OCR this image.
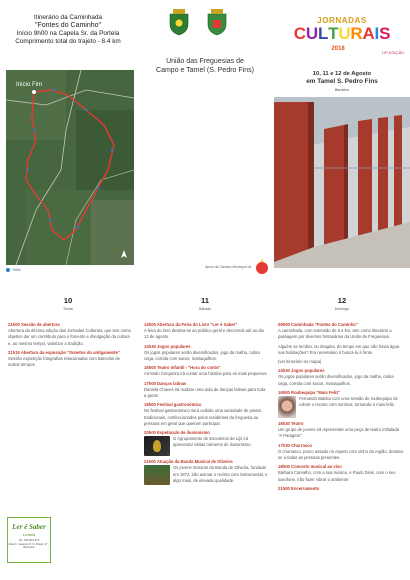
Itinerário da Caminhada
"Fontes do Caminho"
Início 9h00 na Capela Sr. da Portela
Comprimento total do trajeto - 8.4 km
Início Fim
Trilho
União das Freguesias de
Campo e Tamel (S. Pedro Fins)
Apoio da Câmara Municipal de
JORNADAS
CULTURAIS
2018
10ª EDIÇÃO
10, 11 e 12 de Agosto
em Tamel S. Pedro Fins
Barcelos
10
Sexta
11
Sábado
12
Domingo
21h00 Sessão de abertura
Abertura da décima edição das Jornadas Culturais, que tem como objetivo dar um contributo para o fomento e divulgação da cultura e, ao mesmo tempo, valorizar a tradição.
21h15 Abertura da exposição "Sonetos do antigamente"
Sessão exposição fotografias relacionadas com Barcelos de outros tempos.
14h00 Abertura da Feira do Livro "Ler é Saber"
A feira do livro destina-se ao público geral e decorrerá até ao dia 12 de agosto.
14h30 Jogos populares
Os jogos populares serão diversificados, jogo da malha, cabra cega, corrida com sacos, matraquilhos.
16h00 Teatro infantil - "Hora do conto"
Armindo Cerqueira irá contar uma história para os mais pequenos.
17h00 Danças latinas
Daniela Chaves irá realizar uma aula de danças latinas para toda a gente.
19h00 Festival gastronómico
No festival gastronómico será exibida uma variedade de pratos tradicionais, confeccionados pelos residentes da freguesia ou pessoas em geral que queiram participar.
20h00 Espetáculo de ilusionismo
O Agrupamento de Escuteiros de Lijó irá apresentar várias números de ilusionismo.
21h00 Atuação da Banda Musical de Oliveira
Os jovens músicos da Banda de Oliveira, fundada em 1872, irão animar o recinto com instrumental, e algo mais, de elevada qualidade.
09h00 Caminhada "Fontes do Caminho"
A caminhada, com extensão de 8,4 km, tem como itinerário a passagem por diversos fontanários da União de Freguesias.
Alguém se lembra, ou imagina, do tempo em que não havia água nas habitações? Era necessário ir buscá-la à fonte.
(ver itinerário no mapa)
14h30 Jogos populares
Os jogos populares serão diversificados, jogo da malha, cabra cega, corrida com sacos, matraquilhos.
16h00 Roubequipa "Mais Feliz"
Fernando Batista com uma sessão de roubequipa irá colorir o recinto com sorrisos, tornando-o mais feliz.
16h30 Teatro
Um grupo de jovens irá representar uma peça de teatro intitulada "A Paragem".
17h30 Churrasco
O churrasco, porco assado no espeto com vinho da região, destina-se a todas as pessoas presentes.
18h00 Concerto musical ao vivo
Bárbara Carvalho, com a sua música, e Paulo Dinis, com o seu saxofone, irão fazer vibrar o ambiente.
21h00 Encerramento
Ler é Saber
Livraria
Tel. 253 804 873
Rua D. Joaquim P. N. Brasil, 37 - Barcelos
